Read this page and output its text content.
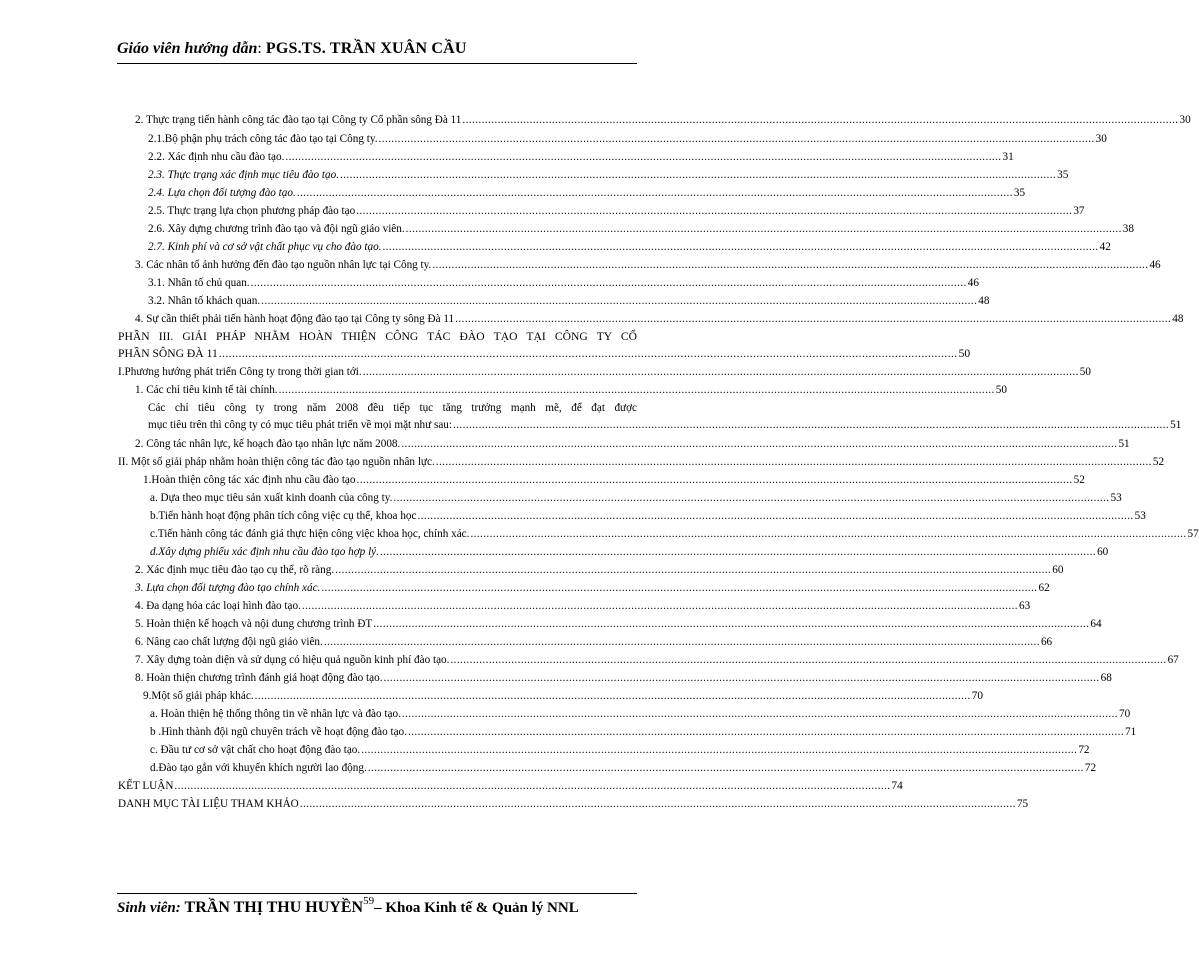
Giáo viên hướng dẫn: PGS.TS. TRẦN XUÂN CẦU
2. Thực trạng tiến hành công tác đào tạo tại Công ty Cổ phần sông Đà 11 .....	30
2.1.Bộ phận phụ trách công tác đào tạo tại Công ty. .....	30
2.2. Xác định nhu cầu đào tạo. .....	31
2.3. Thực trạng xác định mục tiêu đào tạo. .....	35
2.4. Lựa chọn đối tượng đào tạo. .....	35
2.5. Thực trạng lựa chọn phương pháp đào tạo .....	37
2.6. Xây dựng chương trình đào tạo và đội ngũ giáo viên. .....	38
2.7. Kinh phí và cơ sở vật chất phục vụ cho đào tạo. .....	42
3. Các nhân tố ảnh hưởng đến đào tạo nguồn nhân lực tại Công ty. .....	46
3.1. Nhân tố chủ quan. .....	46
3.2. Nhân tố khách quan. .....	48
4. Sự cần thiết phải tiến hành hoạt động đào tạo tại Công ty sông Đà 11 .....	48
PHẦN III. GIẢI PHÁP NHẰM HOÀN THIỆN CÔNG TÁC ĐÀO TẠO TẠI CÔNG TY CỔ
PHẦN SÔNG ĐÀ 11 .....	50
I.Phương hướng phát triển Công ty trong thời gian tới. .....	50
1. Các chỉ tiêu kinh tế tài chính. .....	50
Các chỉ tiêu công ty trong năm 2008 đều tiếp tục tăng trưởng mạnh mẽ, để đạt được
mục tiêu trên thì công ty có mục tiêu phát triển về mọi mặt như sau: .....	51
2. Công tác nhân lực, kế hoạch đào tạo nhân lực năm 2008. .....	51
II. Một số giải pháp nhằm hoàn thiện công tác đào tạo nguồn nhân lực. .....	52
1.Hoàn thiện công tác xác định nhu cầu đào tạo .....	52
a. Dựa theo mục tiêu sản xuất kinh doanh của công ty. .....	53
b.Tiến hành hoạt động phân tích công việc cụ thể, khoa học .....	53
c.Tiến hành công tác đánh giá thực hiện công việc khoa học, chính xác. .....	57
d.Xây dựng phiếu xác định nhu cầu đào tạo hợp lý. .....	60
2. Xác định mục tiêu đào tạo cụ thể, rõ ràng. .....	60
3. Lựa chọn đối tượng đào tạo chính xác. .....	62
4. Đa dạng hóa các loại hình đào tạo. .....	63
5. Hoàn thiện kế hoạch và nội dung chương trình ĐT .....	64
6. Nâng cao chất lượng đội ngũ giáo viên. .....	66
7. Xây dựng toàn diện và sử dụng có hiệu quả nguồn kinh phí đào tạo. .....	67
8. Hoàn thiện chương trình đánh giá hoạt động đào tạo. .....	68
9.Một số giải pháp khác. .....	70
a. Hoàn thiện hệ thống thông tin về nhân lực và đào tạo. .....	70
b .Hình thành đội ngũ chuyên trách về hoạt động đào tạo. .....	71
c. Đầu tư cơ sở vật chất cho hoạt động đào tạo. .....	72
d.Đào tạo gắn với khuyến khích người lao động. .....	72
KẾT LUẬN .....	74
DANH MỤC TÀI LIỆU THAM KHẢO .....	75
Sinh viên: TRẦN THỊ THU HUYỀN$^{59}$– Khoa Kinh tế & Quản lý NNL
